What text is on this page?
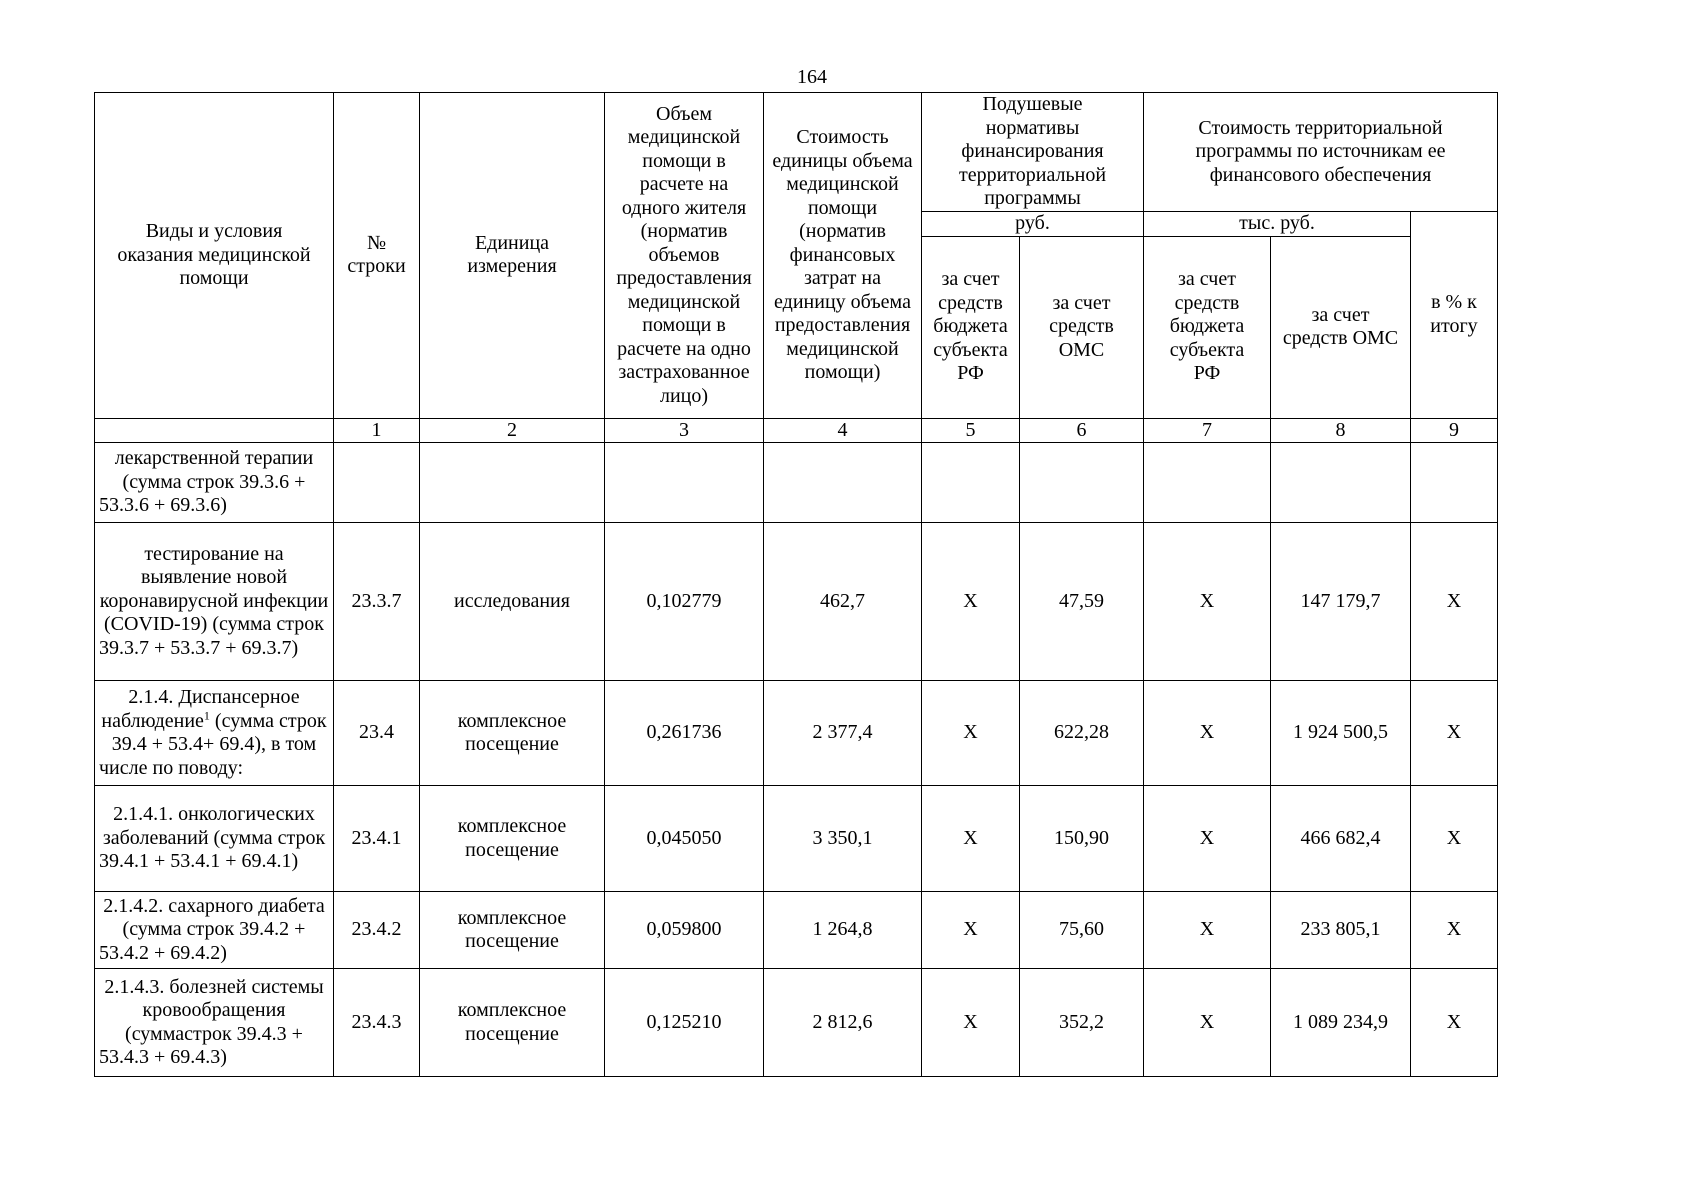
164
Виды и условия оказания медицинской помощи	№ строки	Единица измерения	Объем медицинской помощи в расчете на одного жителя (норматив объемов предоставления медицинской помощи в расчете на одно застрахованное лицо)	Стоимость единицы объема медицинской помощи (норматив финансовых затрат на единицу объема предоставления медицинской помощи)	Подушевые нормативы финансирования территориальной программы		Стоимость территориальной программы по источникам ее финансового обеспечения		

					руб.		тыс. руб.		в % к итогу

					за счет средств бюджета субъекта РФ	за счет средств ОМС	за счет средств бюджета субъекта РФ	за счет средств ОМС	

	1	2	3	4	5	6	7	8	9
лекарственной терапии (сумма строк 39.3.6 + 53.3.6 + 69.3.6)									
тестирование на выявление новой коронавирусной инфекции (COVID-19) (сумма строк 39.3.7 + 53.3.7 + 69.3.7)	23.3.7	исследования	0,102779	462,7	Х	47,59	Х	147 179,7	Х
2.1.4. Диспансерное наблюдение$^1$ (сумма строк 39.4 + 53.4+ 69.4), в том числе по поводу:	23.4	комплексное посещение	0,261736	2 377,4	Х	622,28	Х	1 924 500,5	Х
2.1.4.1. онкологических заболеваний (сумма строк 39.4.1 + 53.4.1 + 69.4.1)	23.4.1	комплексное посещение	0,045050	3 350,1	Х	150,90	Х	466 682,4	Х
2.1.4.2. сахарного диабета (сумма строк 39.4.2 + 53.4.2 + 69.4.2)	23.4.2	комплексное посещение	0,059800	1 264,8	Х	75,60	Х	233 805,1	Х
2.1.4.3. болезней системы кровообращения (суммастрок 39.4.3 + 53.4.3 + 69.4.3)	23.4.3	комплексное посещение	0,125210	2 812,6	Х	352,2	Х	1 089 234,9	Х
